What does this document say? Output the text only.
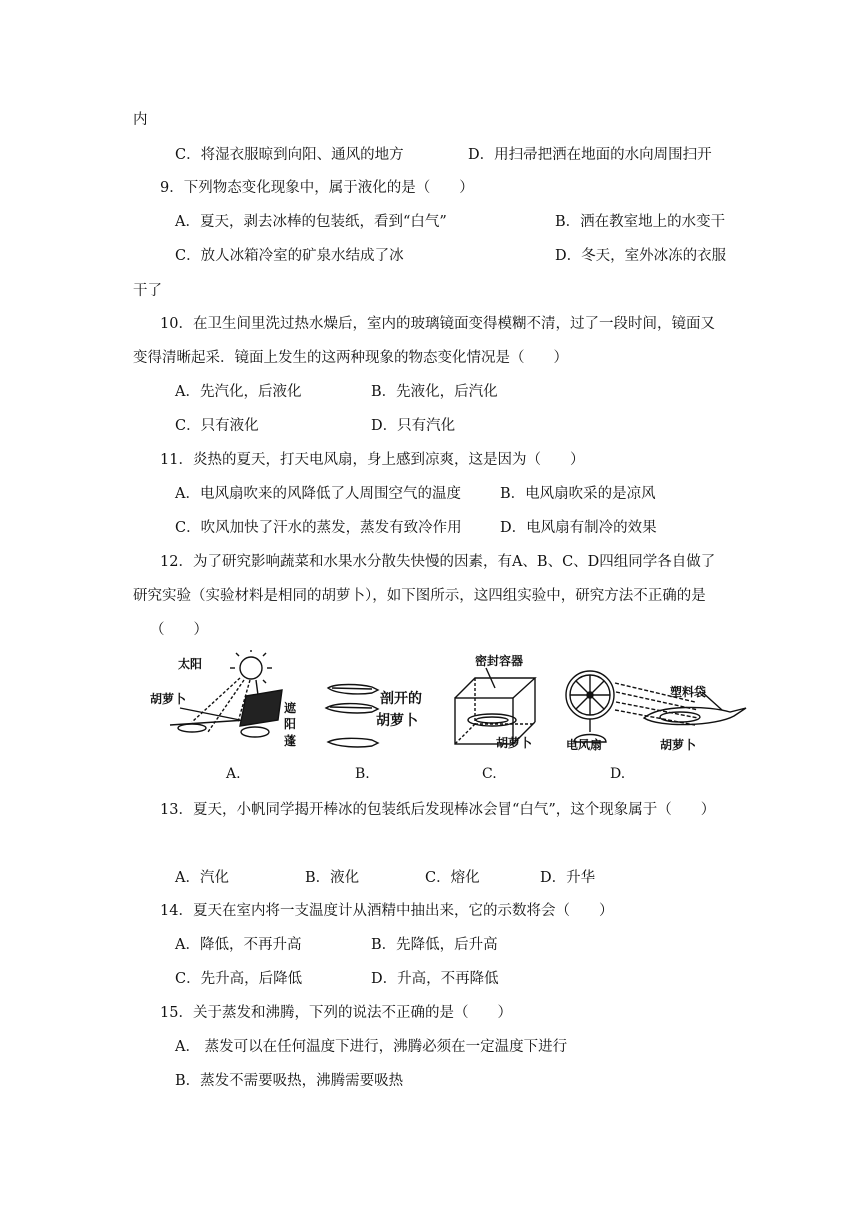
内
C．将湿衣服晾到向阳、通风的地方	D．用扫帚把洒在地面的水向周围扫开
9．下列物态变化现象中，属于液化的是（　　）
A．夏天，剥去冰棒的包装纸，看到“白气”	B．洒在教室地上的水变干
C．放人冰箱冷室的矿泉水结成了冰	D．冬天，室外冰冻的衣服
干了
10．在卫生间里洗过热水燥后，室内的玻璃镜面变得模糊不清，过了一段时间，镜面又
变得清晰起采．镜面上发生的这两种现象的物态变化情况是（　　）
A．先汽化，后液化	B．先液化，后汽化
C．只有液化	D．只有汽化
11．炎热的夏天，打天电风扇，身上感到凉爽，这是因为（　　）
A．电风扇吹来的风降低了人周围空气的温度	B．电风扇吹采的是凉风
C．吹风加快了汗水的蒸发，蒸发有致冷作用	D．电风扇有制冷的效果
12．为了研究影响蔬菜和水果水分散失快慢的因素，有A、B、C、D四组同学各自做了
研究实验（实验材料是相同的胡萝卜），如下图所示，这四组实验中，研究方法不正确的是
（　　）
太阳
胡萝卜
遮
阳
蓬
剖开的
胡萝卜
密封容器
胡萝卜
塑料袋
电风扇	胡萝卜
A.	B.	C.	D.
13．夏天，小帆同学揭开棒冰的包装纸后发现棒冰会冒“白气”，这个现象属于（　　）
A．汽化	B．液化	C．熔化	D．升华
14．夏天在室内将一支温度计从酒精中抽出来，它的示数将会（　　）
A．降低，不再升高	B．先降低，后升高
C．先升高，后降低	D．升高，不再降低
15．关于蒸发和沸腾，下列的说法不正确的是（　　）
A． 蒸发可以在任何温度下进行，沸腾必须在一定温度下进行
B．蒸发不需要吸热，沸腾需要吸热
